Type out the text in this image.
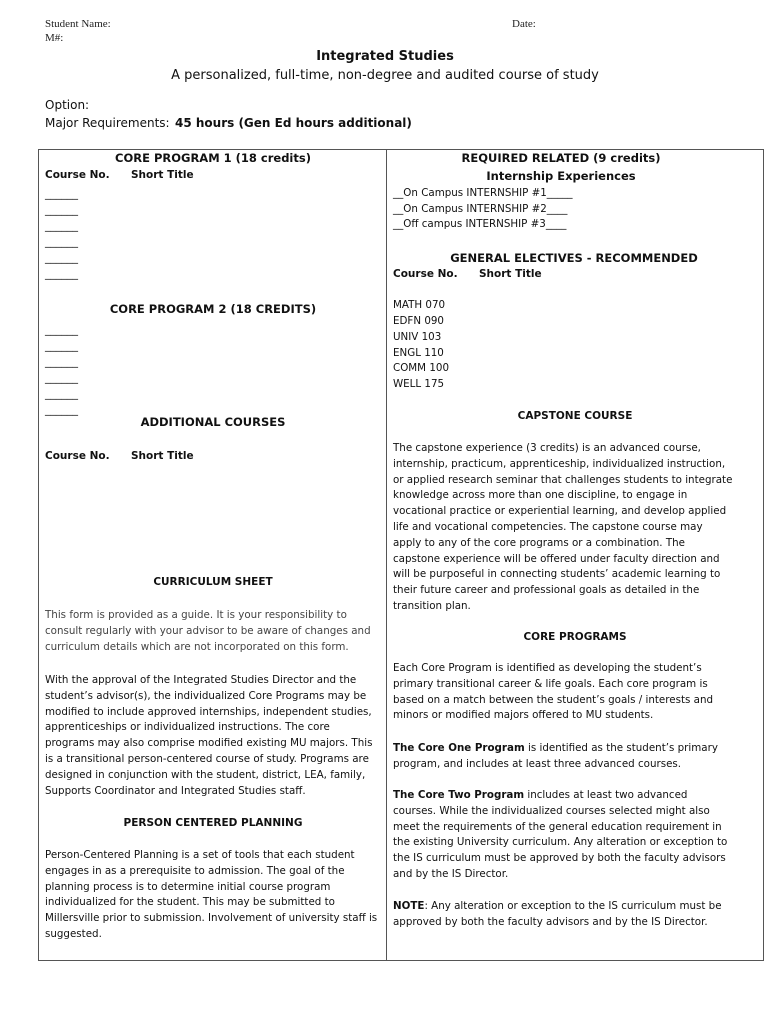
Student Name:	Date:
M#:
Integrated Studies
A personalized, full-time, non-degree and audited course of study
Option:
Major Requirements: 45 hours (Gen Ed hours additional)
CORE PROGRAM 1 (18 credits)
Course No. Short Title
______
______
______
______
______
______
CORE PROGRAM 2 (18 CREDITS)
______
______
______
______
______
______
ADDITIONAL COURSES
Course No. Short Title
CURRICULUM SHEET
This form is provided as a guide. It is your responsibility to consult regularly with your advisor to be aware of changes and curriculum details which are not incorporated on this form.
With the approval of the Integrated Studies Director and the student’s advisor(s), the individualized Core Programs may be modified to include approved internships, independent studies, apprenticeships or individualized instructions. The core programs may also comprise modified existing MU majors. This is a transitional person-centered course of study. Programs are designed in conjunction with the student, district, LEA, family, Supports Coordinator and Integrated Studies staff.
PERSON CENTERED PLANNING
Person-Centered Planning is a set of tools that each student engages in as a prerequisite to admission. The goal of the planning process is to determine initial course program individualized for the student. This may be submitted to Millersville prior to submission. Involvement of university staff is suggested.
REQUIRED RELATED (9 credits)
Internship Experiences
__On Campus INTERNSHIP #1_____
__On Campus INTERNSHIP #2____
__Off campus INTERNSHIP #3____
GENERAL ELECTIVES - RECOMMENDED
Course No. Short Title
MATH 070
EDFN 090
UNIV 103
ENGL 110
COMM 100
WELL 175
CAPSTONE COURSE
The capstone experience (3 credits) is an advanced course, internship, practicum, apprenticeship, individualized instruction, or applied research seminar that challenges students to integrate knowledge across more than one discipline, to engage in vocational practice or experiential learning, and develop applied life and vocational competencies. The capstone course may apply to any of the core programs or a combination. The capstone experience will be offered under faculty direction and will be purposeful in connecting students’ academic learning to their future career and professional goals as detailed in the transition plan.
CORE PROGRAMS
Each Core Program is identified as developing the student’s primary transitional career & life goals. Each core program is based on a match between the student’s goals / interests and minors or modified majors offered to MU students.
The Core One Program is identified as the student’s primary program, and includes at least three advanced courses.
The Core Two Program includes at least two advanced courses. While the individualized courses selected might also meet the requirements of the general education requirement in the existing University curriculum. Any alteration or exception to the IS curriculum must be approved by both the faculty advisors and by the IS Director.
NOTE: Any alteration or exception to the IS curriculum must be approved by both the faculty advisors and by the IS Director.
